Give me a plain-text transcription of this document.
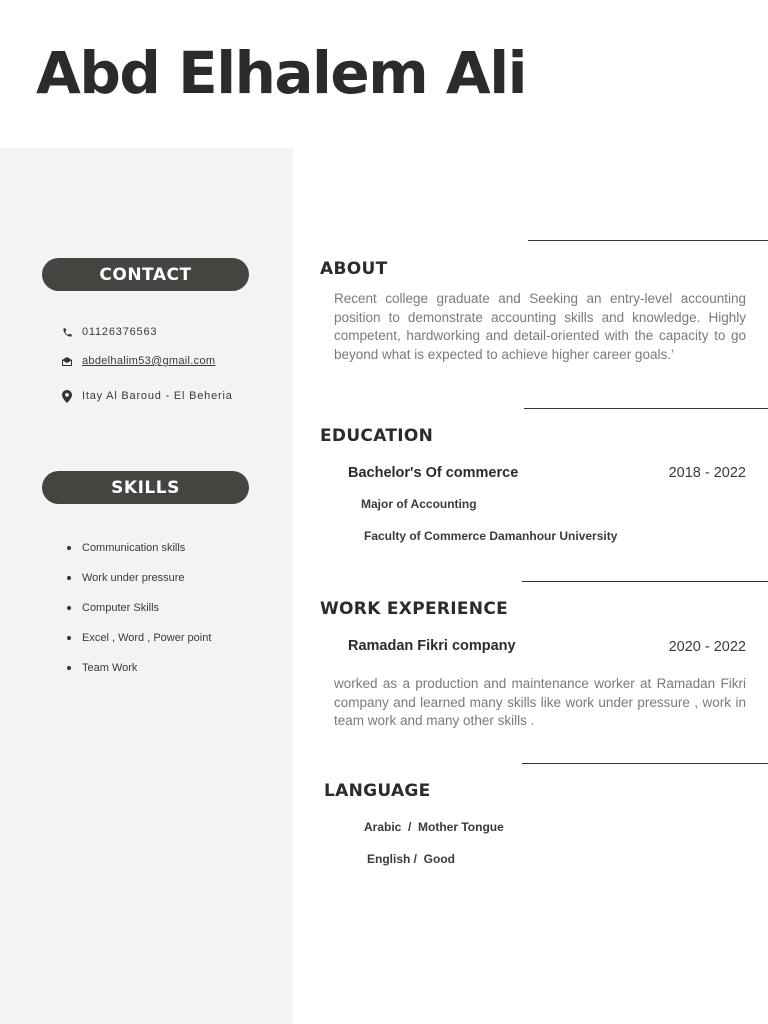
Abd Elhalem Ali
CONTACT
01126376563
abdelhalim53@gmail.com
Itay Al Baroud - El Beheria
SKILLS
Communication skills
Work under pressure
Computer Skills
Excel , Word , Power point
Team Work
ABOUT

Recent college graduate and Seeking an entry-level accounting position to demonstrate accounting skills and knowledge. Highly competent, hardworking and detail-oriented with the capacity to go beyond what is expected to achieve higher career goals.’

EDUCATION
Bachelor's Of commerce	2018 - 2022
Major of Accounting
Faculty of Commerce Damanhour University
WORK EXPERIENCE
Ramadan Fikri company	2020 - 2022

worked as a production and maintenance worker at Ramadan Fikri company and learned many skills like work under pressure , work in team work and many other skills .

LANGUAGE
Arabic  /  Mother Tongue
English /  Good
